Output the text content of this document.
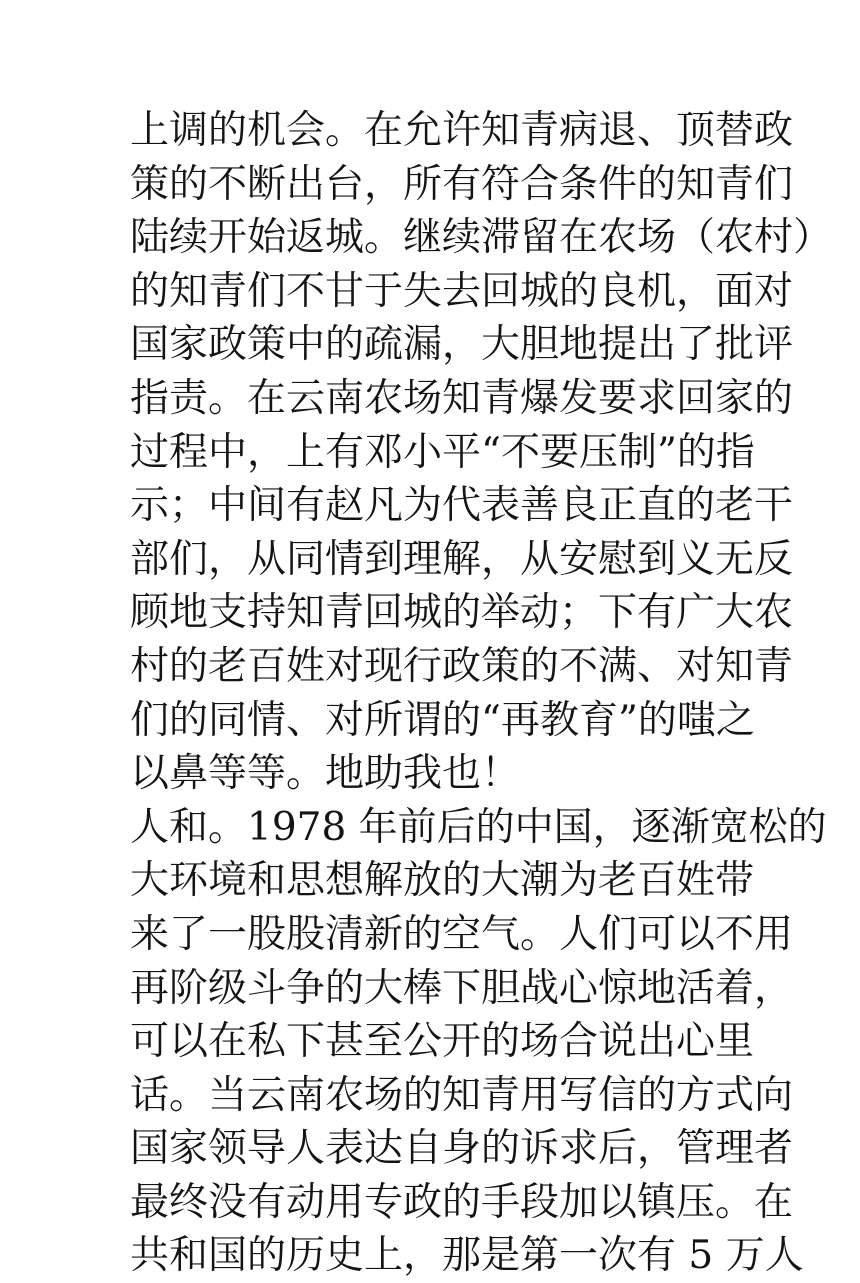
上调的机会。在允许知青病退、顶替政
策的不断出台，所有符合条件的知青们
陆续开始返城。继续滞留在农场（农村）
的知青们不甘于失去回城的良机，面对
国家政策中的疏漏，大胆地提出了批评
指责。在云南农场知青爆发要求回家的
过程中，上有邓小平“不要压制”的指
示；中间有赵凡为代表善良正直的老干
部们，从同情到理解，从安慰到义无反
顾地支持知青回城的举动；下有广大农
村的老百姓对现行政策的不满、对知青
们的同情、对所谓的“再教育”的嗤之
以鼻等等。地助我也！
人和。1978 年前后的中国，逐渐宽松的
大环境和思想解放的大潮为老百姓带
来了一股股清新的空气。人们可以不用
再阶级斗争的大棒下胆战心惊地活着，
可以在私下甚至公开的场合说出心里
话。当云南农场的知青用写信的方式向
国家领导人表达自身的诉求后，管理者
最终没有动用专政的手段加以镇压。在
共和国的历史上，那是第一次有 5 万人
